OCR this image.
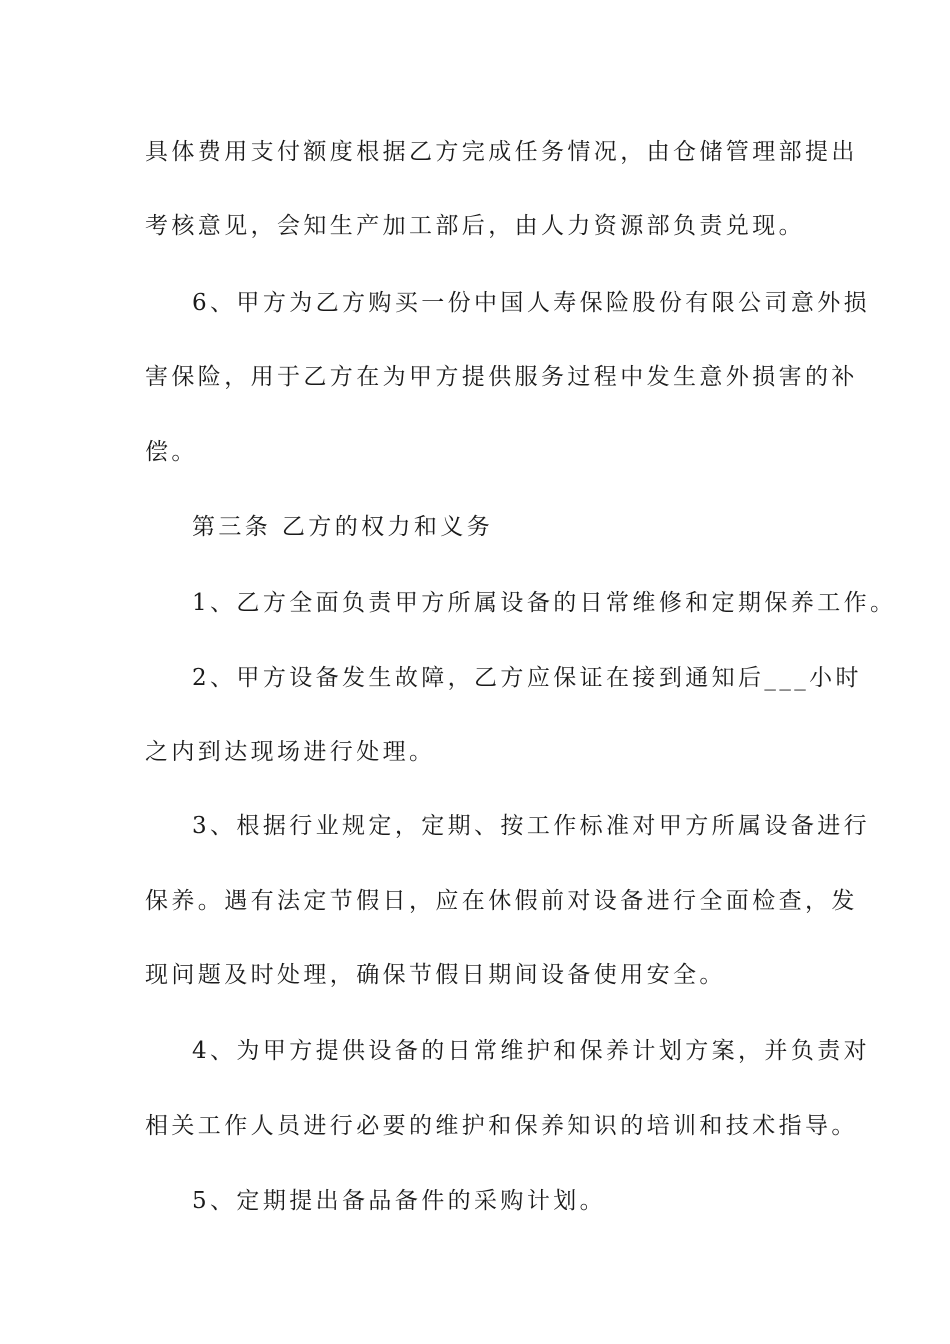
具体费用支付额度根据乙方完成任务情况，由仓储管理部提出
考核意见，会知生产加工部后，由人力资源部负责兑现。
6、甲方为乙方购买一份中国人寿保险股份有限公司意外损
害保险，用于乙方在为甲方提供服务过程中发生意外损害的补
偿。
第三条 乙方的权力和义务
1、乙方全面负责甲方所属设备的日常维修和定期保养工作。
2、甲方设备发生故障，乙方应保证在接到通知后___小时
之内到达现场进行处理。
3、根据行业规定，定期、按工作标准对甲方所属设备进行
保养。遇有法定节假日，应在休假前对设备进行全面检查，发
现问题及时处理，确保节假日期间设备使用安全。
4、为甲方提供设备的日常维护和保养计划方案，并负责对
相关工作人员进行必要的维护和保养知识的培训和技术指导。
5、定期提出备品备件的采购计划。
